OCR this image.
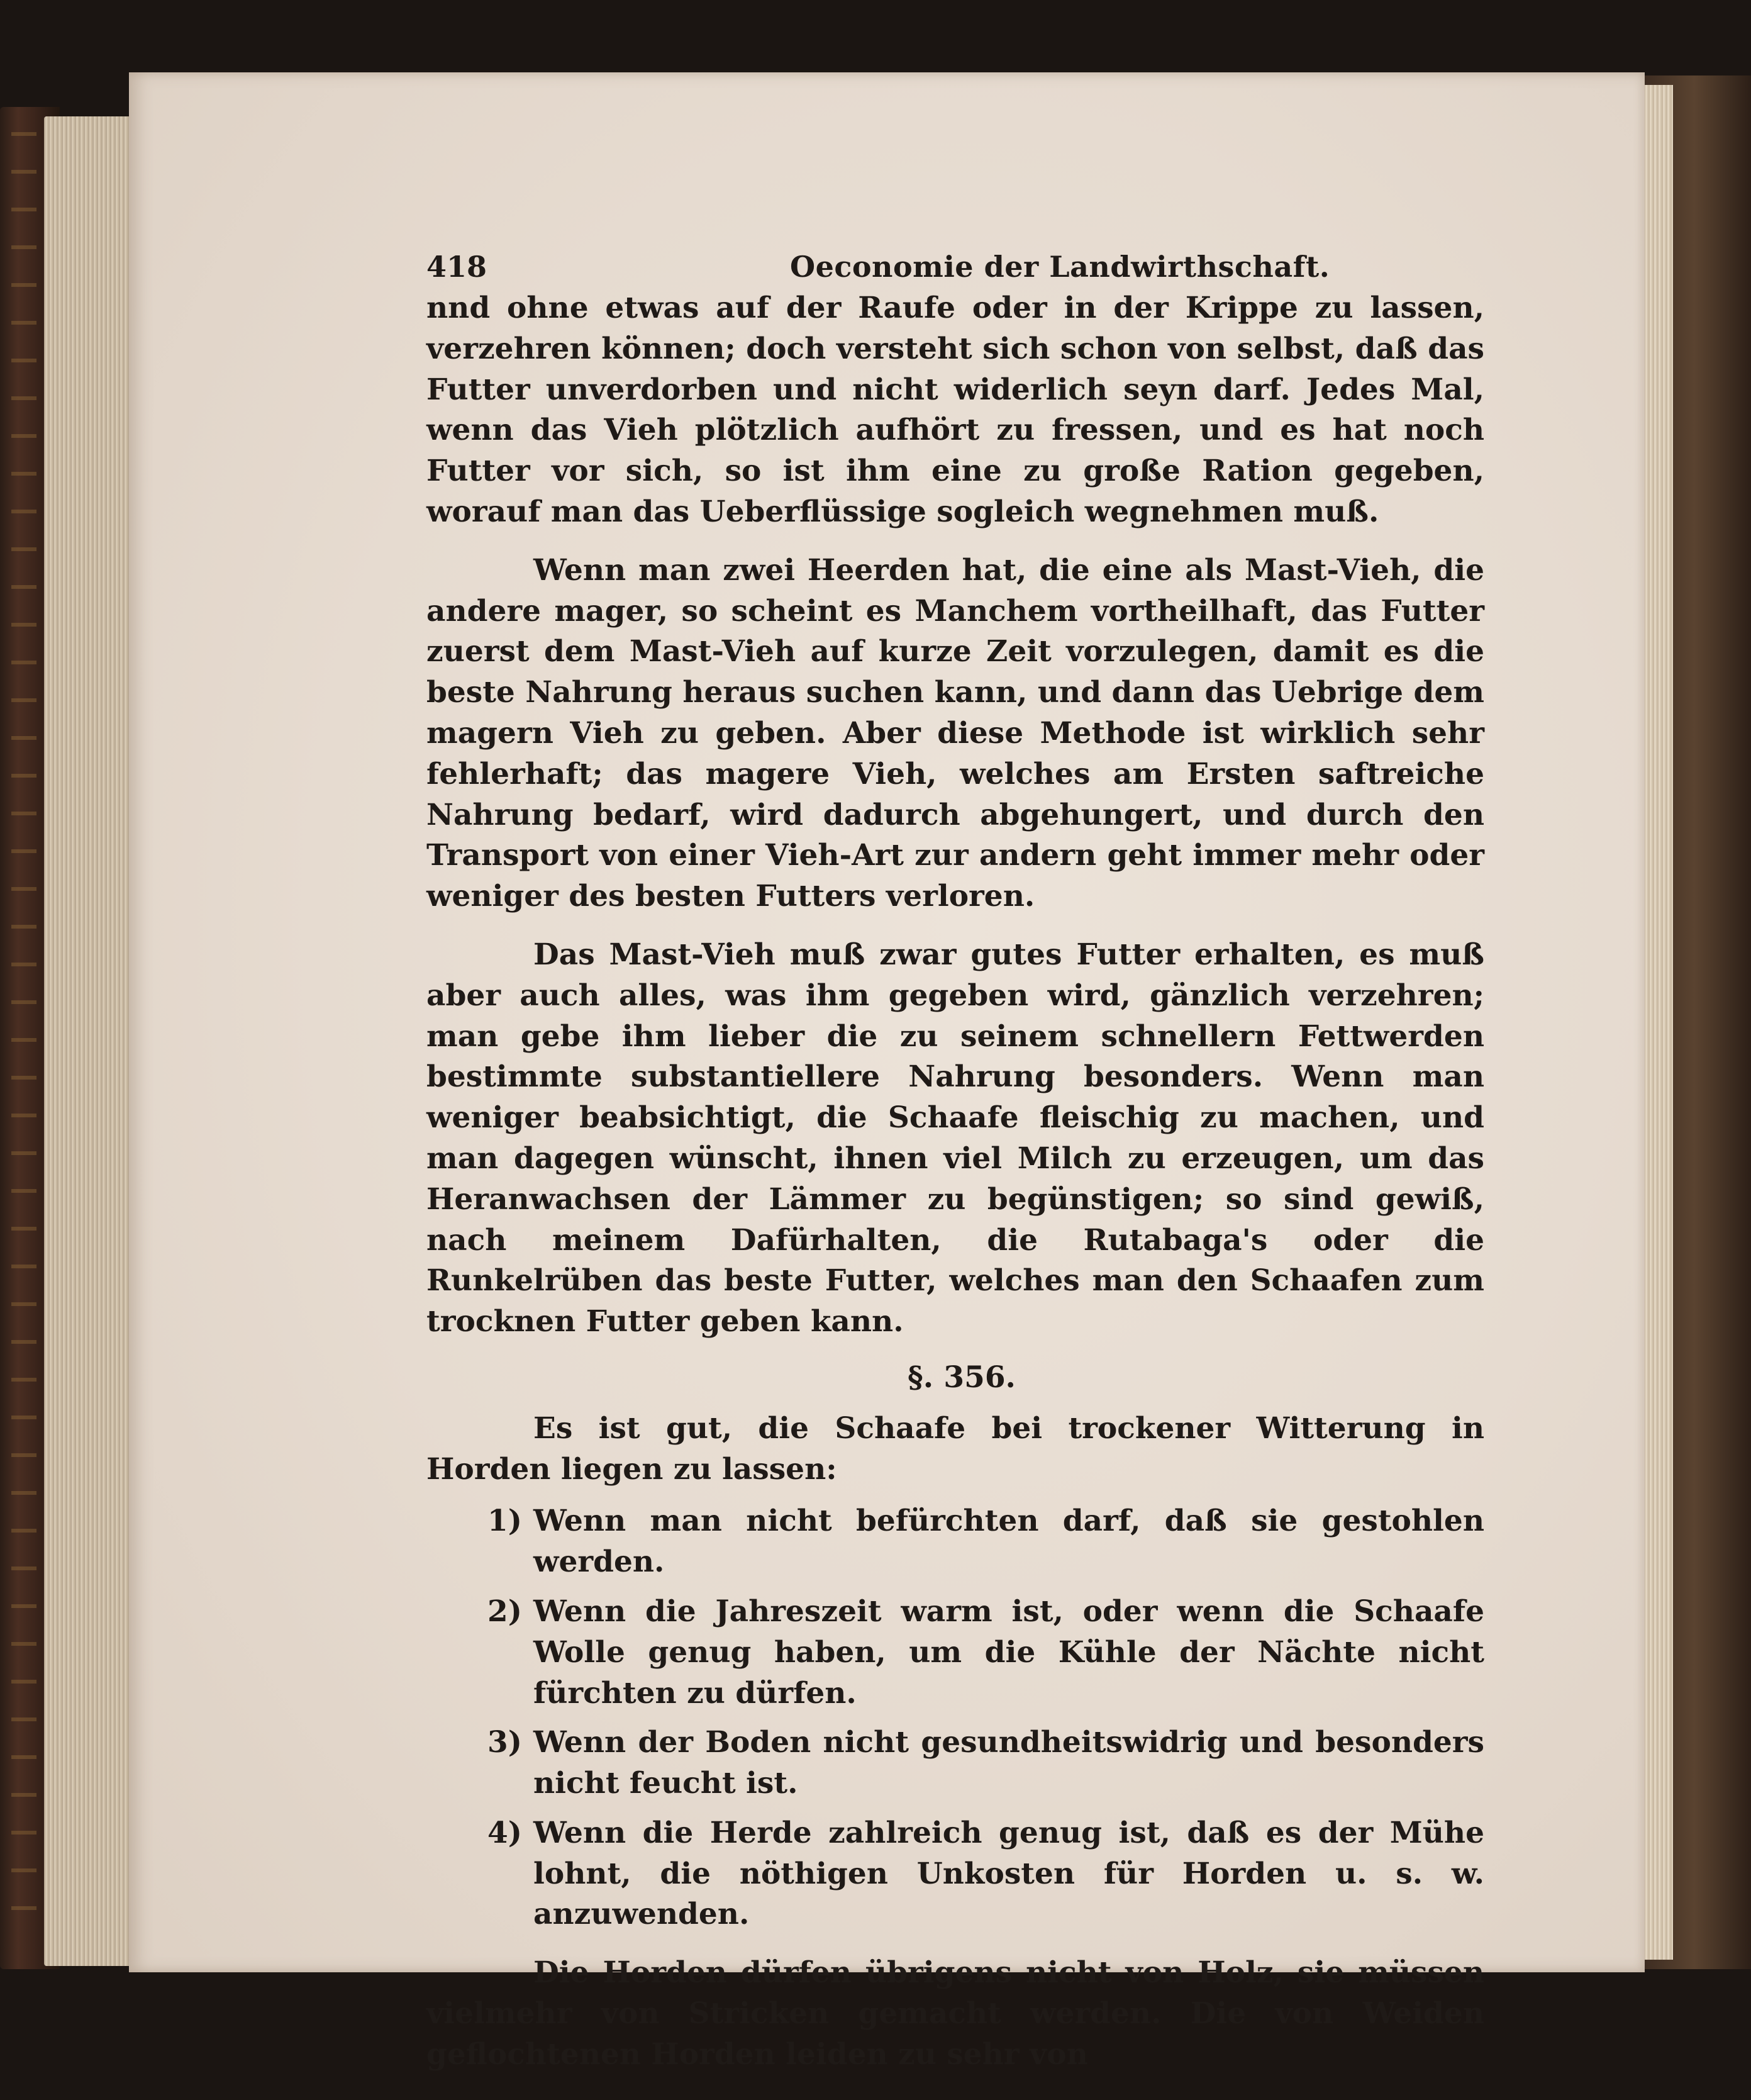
418	Oeconomie der Landwirthschaft.

nnd ohne etwas auf der Raufe oder in der Krippe zu lassen, verzehren können; doch versteht sich schon von selbst, daß das Futter unverdorben und nicht widerlich seyn darf. Jedes Mal, wenn das Vieh plötzlich aufhört zu fressen, und es hat noch Futter vor sich, so ist ihm eine zu große Ration gegeben, worauf man das Ueberflüssige sogleich wegnehmen muß.

Wenn man zwei Heerden hat, die eine als Mast-Vieh, die andere mager, so scheint es Manchem vortheilhaft, das Futter zuerst dem Mast-Vieh auf kurze Zeit vorzulegen, damit es die beste Nahrung heraus suchen kann, und dann das Uebrige dem magern Vieh zu geben. Aber diese Methode ist wirklich sehr fehlerhaft; das magere Vieh, welches am Ersten saftreiche Nahrung bedarf, wird dadurch abgehungert, und durch den Transport von einer Vieh-Art zur andern geht immer mehr oder weniger des besten Futters verloren.

Das Mast-Vieh muß zwar gutes Futter erhalten, es muß aber auch alles, was ihm gegeben wird, gänzlich verzehren; man gebe ihm lieber die zu seinem schnellern Fettwerden bestimmte substantiellere Nahrung besonders. Wenn man weniger beabsichtigt, die Schaafe fleischig zu machen, und man dagegen wünscht, ihnen viel Milch zu erzeugen, um das Heranwachsen der Lämmer zu begünstigen; so sind gewiß, nach meinem Dafürhalten, die Rutabaga's oder die Runkelrüben das beste Futter, welches man den Schaafen zum trocknen Futter geben kann.

§. 356.

Es ist gut, die Schaafe bei trockener Witterung in Horden liegen zu lassen:

1) Wenn man nicht befürchten darf, daß sie gestohlen werden.
2) Wenn die Jahreszeit warm ist, oder wenn die Schaafe Wolle genug haben, um die Kühle der Nächte nicht fürchten zu dürfen.
3) Wenn der Boden nicht gesundheitswidrig und besonders nicht feucht ist.
4) Wenn die Herde zahlreich genug ist, daß es der Mühe lohnt, die nöthigen Unkosten für Horden u. s. w. anzuwenden.

Die Horden dürfen übrigens nicht von Holz, sie müssen vielmehr von Stricken gemacht werden. Die von Weiden geflochtenen Horden leiden zu sehr von
